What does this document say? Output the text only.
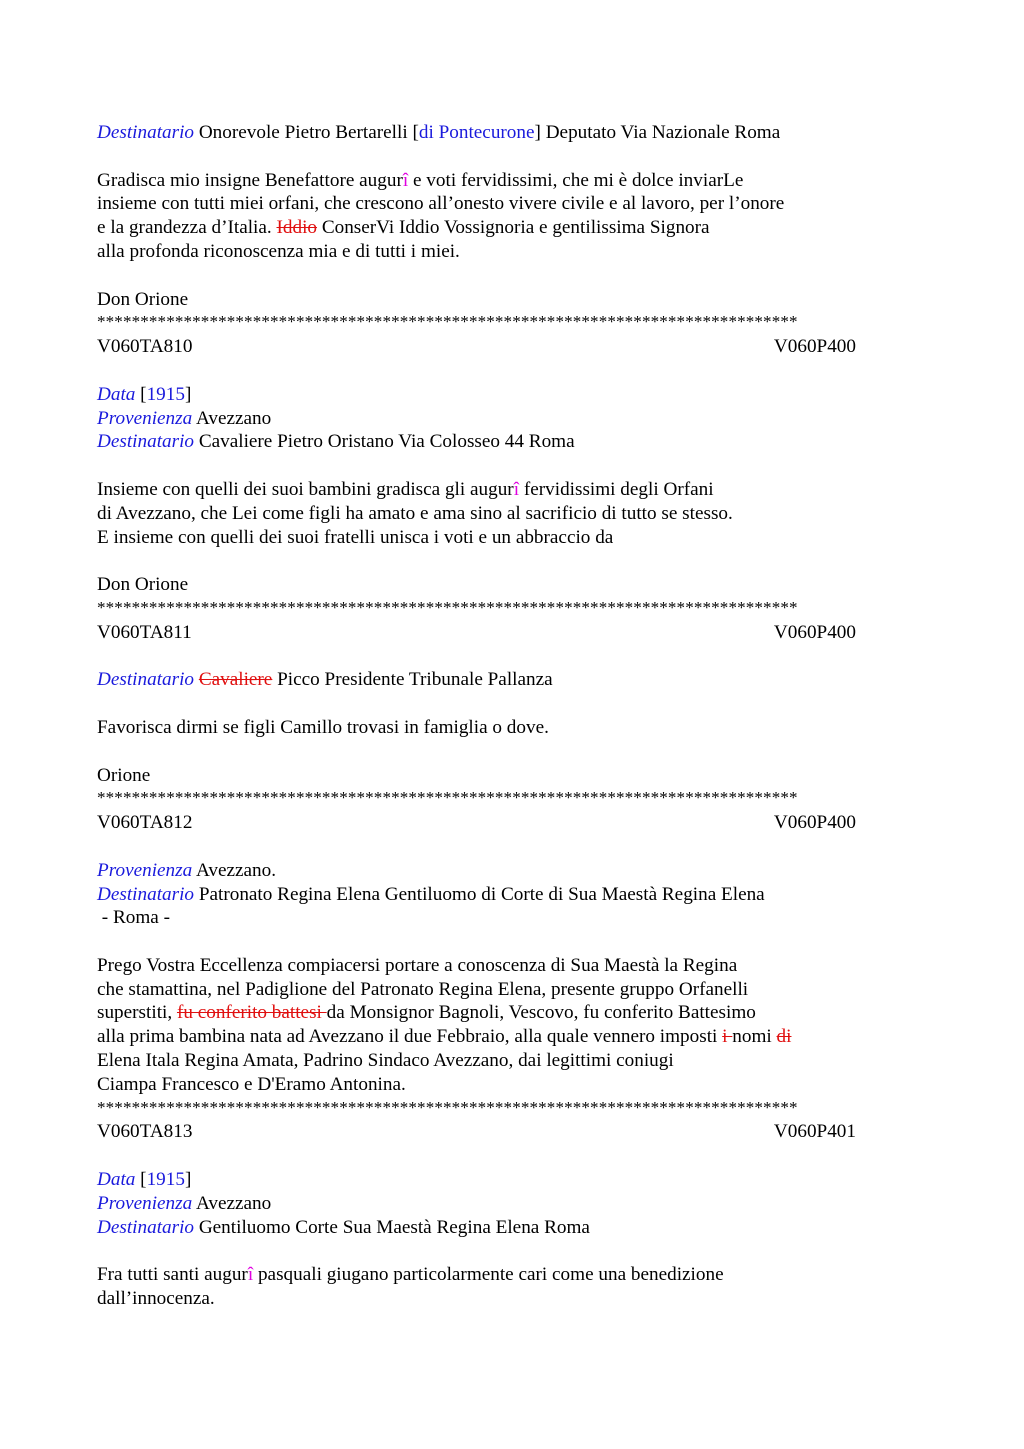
Destinatario Onorevole Pietro Bertarelli [di Pontecurone] Deputato Via Nazionale Roma
Gradisca mio insigne Benefattore augurî e voti fervidissimi, che mi è dolce inviarLe
insieme con tutti miei orfani, che crescono all’onesto vivere civile e al lavoro, per l’onore
e la grandezza d’Italia. Iddio ConserVi Iddio Vossignoria e gentilissima Signora
alla profonda riconoscenza mia e di tutti i miei.
Don Orione
*********************************************************************************
V060TA810	V060P400
Data [1915]
Provenienza Avezzano
Destinatario Cavaliere Pietro Oristano Via Colosseo 44 Roma
Insieme con quelli dei suoi bambini gradisca gli augurî fervidissimi degli Orfani
di Avezzano, che Lei come figli ha amato e ama sino al sacrificio di tutto se stesso.
E insieme con quelli dei suoi fratelli unisca i voti e un abbraccio da
Don Orione
*********************************************************************************
V060TA811	V060P400
Destinatario Cavaliere Picco Presidente Tribunale Pallanza
Favorisca dirmi se figli Camillo trovasi in famiglia o dove.
Orione
*********************************************************************************
V060TA812	V060P400
Provenienza Avezzano.
Destinatario Patronato Regina Elena Gentiluomo di Corte di Sua Maestà Regina Elena
- Roma -
Prego Vostra Eccellenza compiacersi portare a conoscenza di Sua Maestà la Regina
che stamattina, nel Padiglione del Patronato Regina Elena, presente gruppo Orfanelli
superstiti, fu conferito battesi da Monsignor Bagnoli, Vescovo, fu conferito Battesimo
alla prima bambina nata ad Avezzano il due Febbraio, alla quale vennero imposti i nomi di
Elena Itala Regina Amata, Padrino Sindaco Avezzano, dai legittimi coniugi
Ciampa Francesco e D'Eramo Antonina.
*********************************************************************************
V060TA813	V060P401
Data [1915]
Provenienza Avezzano
Destinatario Gentiluomo Corte Sua Maestà Regina Elena Roma
Fra tutti santi augurî pasquali giugano particolarmente cari come una benedizione
dall’innocenza.
